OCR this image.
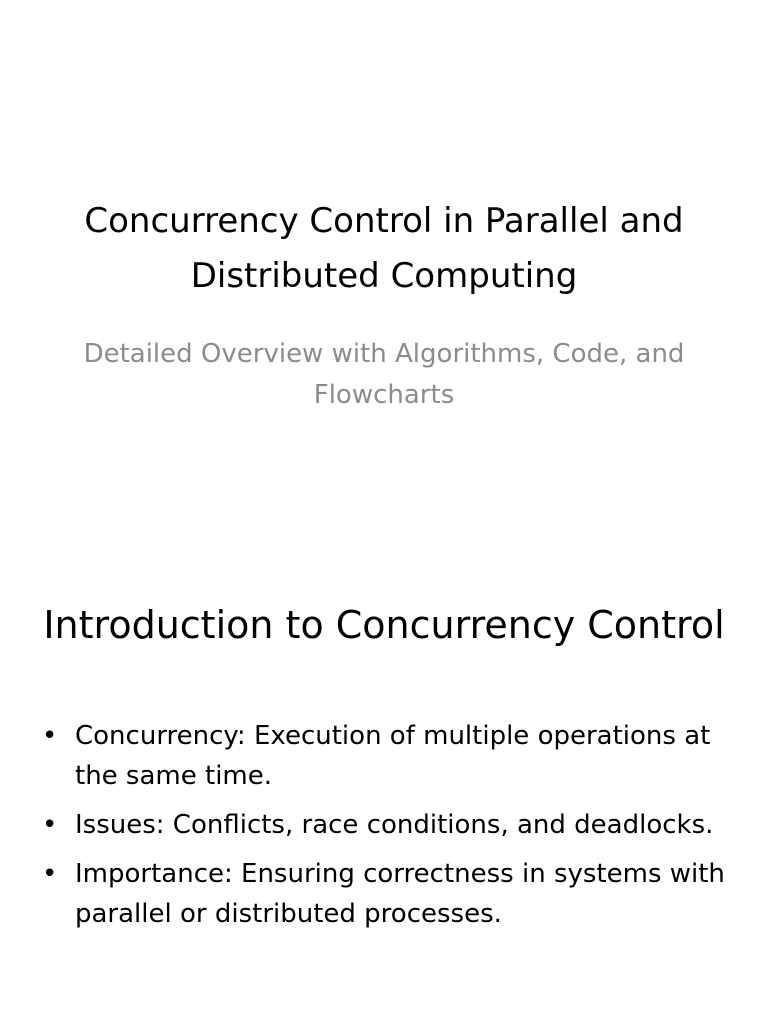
Concurrency Control in Parallel and Distributed Computing

Detailed Overview with Algorithms, Code, and Flowcharts

Introduction to Concurrency Control
• Concurrency: Execution of multiple operations at the same time.
• Issues: Conflicts, race conditions, and deadlocks.
• Importance: Ensuring correctness in systems with parallel or distributed processes.
